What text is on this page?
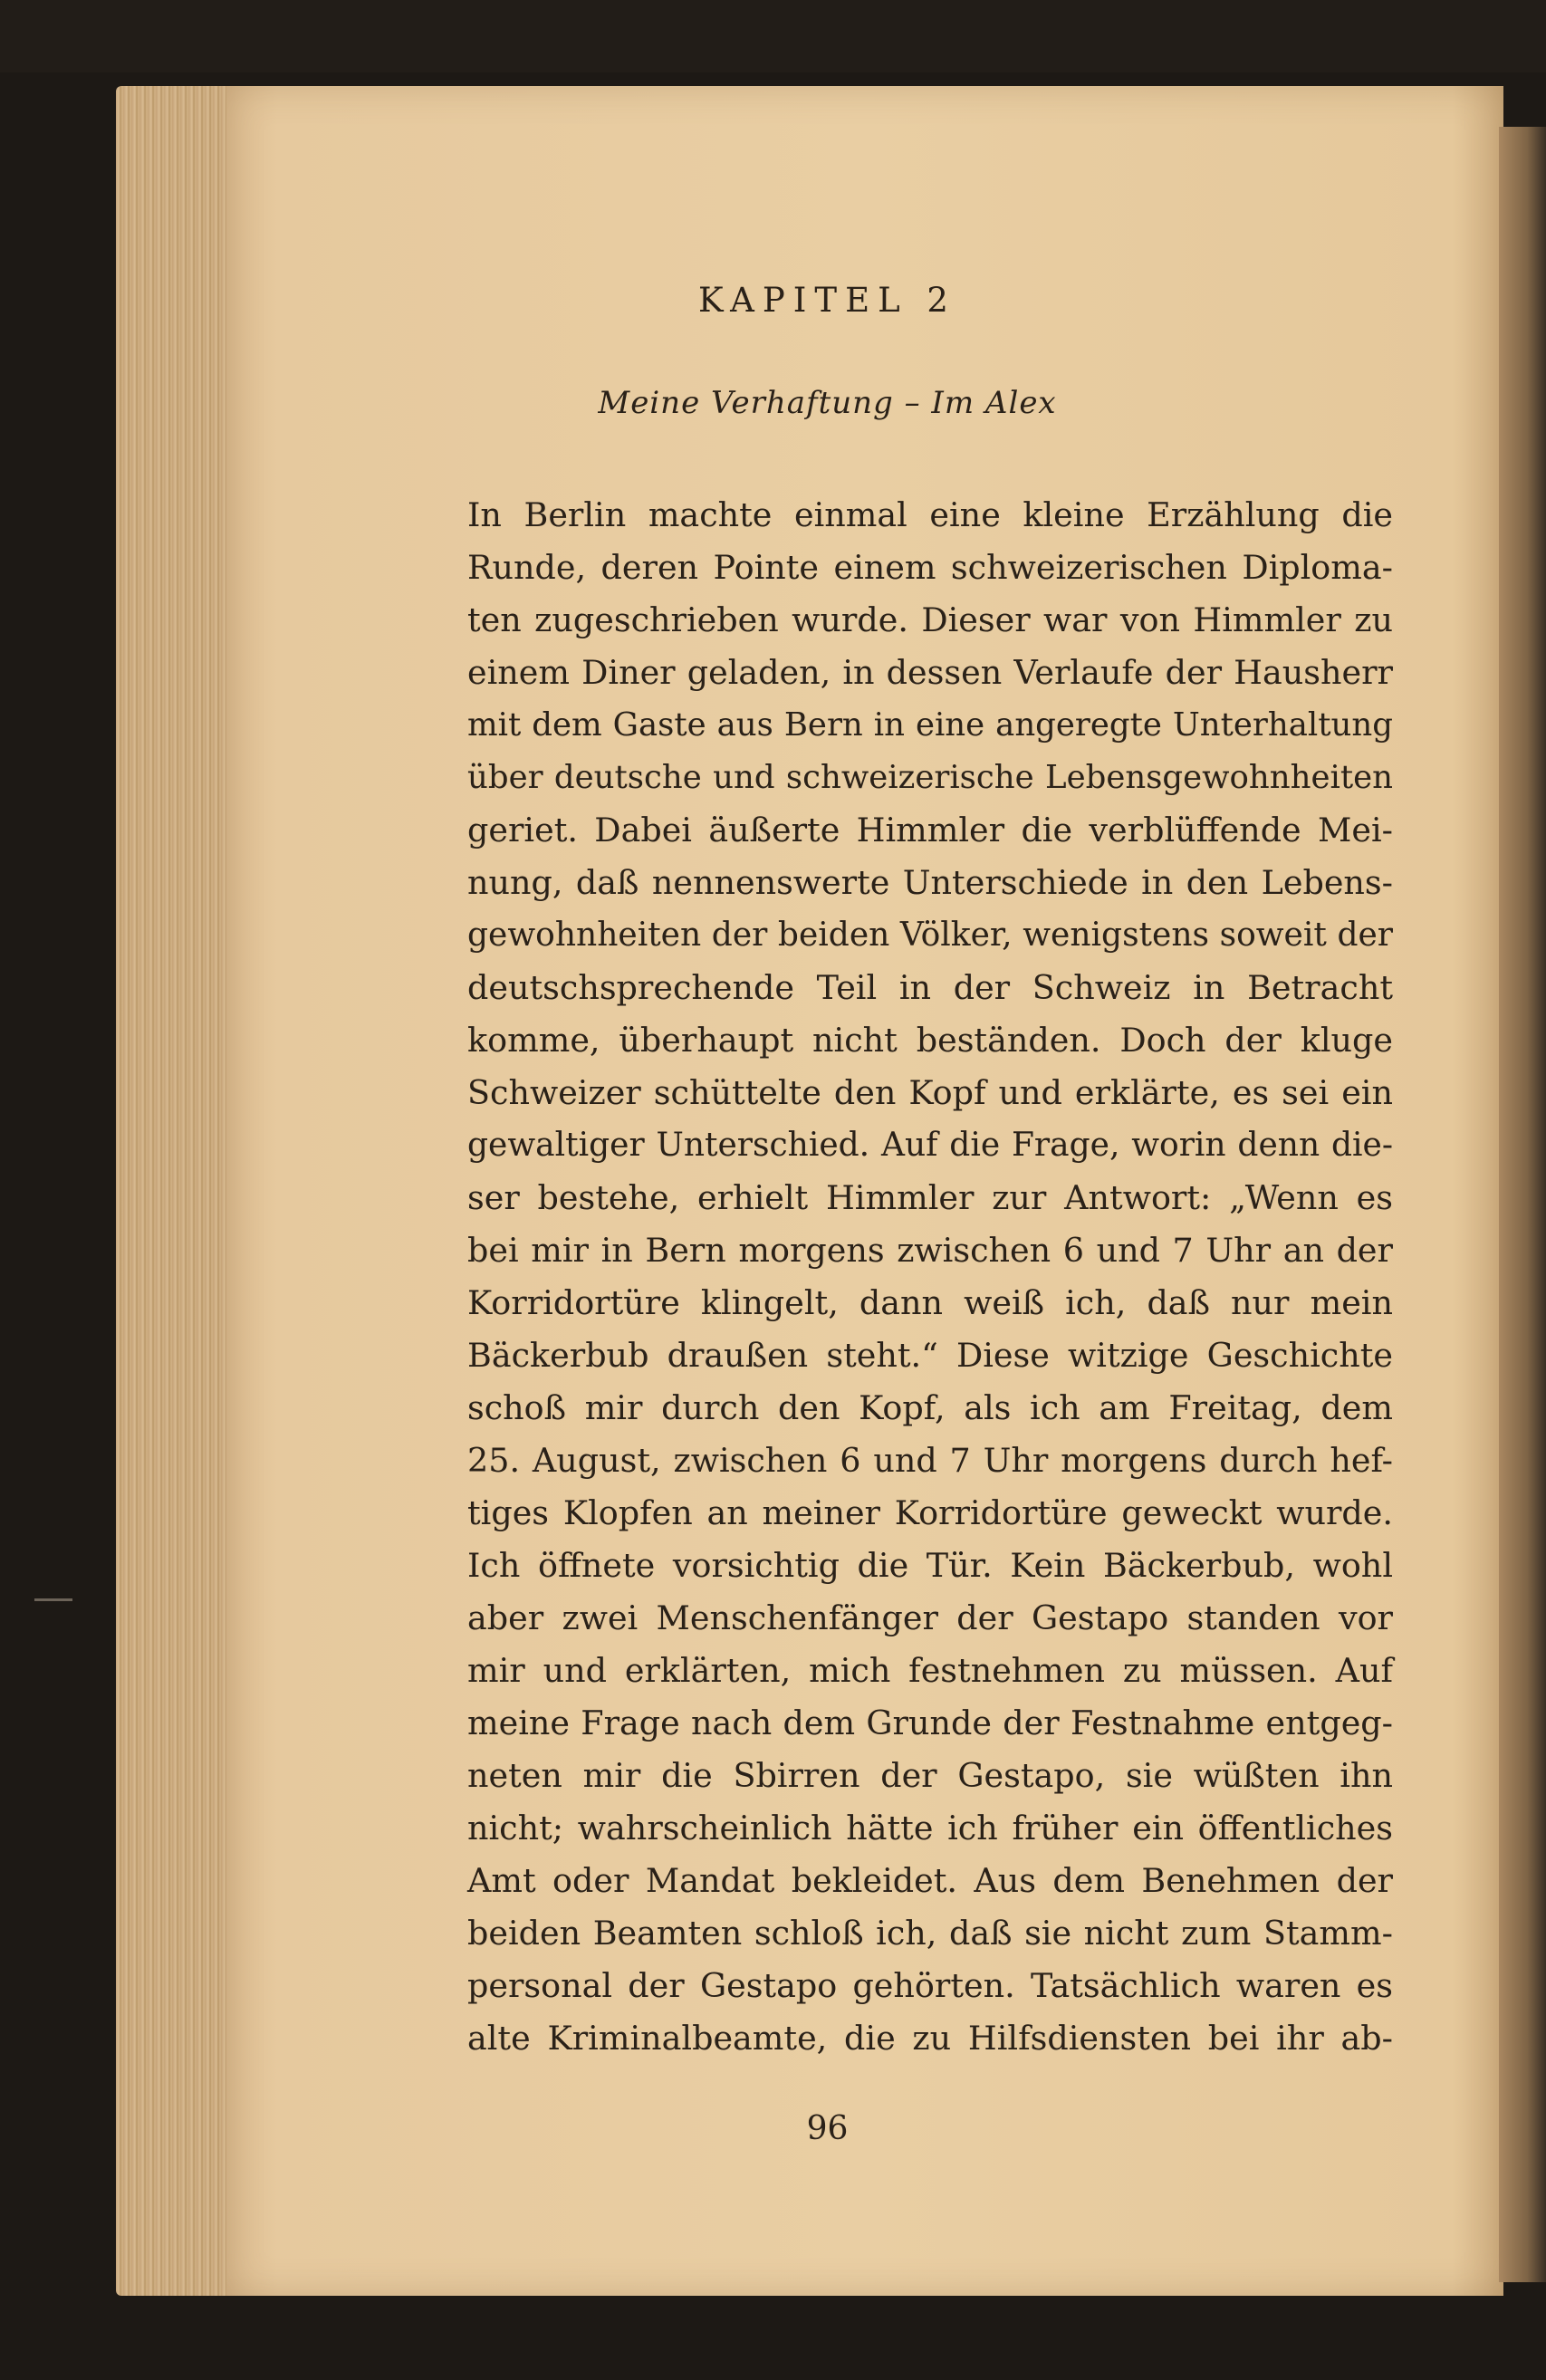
KAPITEL 2
Meine Verhaftung – Im Alex
In Berlin machte einmal eine kleine Erzählung die
Runde, deren Pointe einem schweizerischen Diploma-
ten zugeschrieben wurde. Dieser war von Himmler zu
einem Diner geladen, in dessen Verlaufe der Hausherr
mit dem Gaste aus Bern in eine angeregte Unterhaltung
über deutsche und schweizerische Lebensgewohnheiten
geriet. Dabei äußerte Himmler die verblüffende Mei-
nung, daß nennenswerte Unterschiede in den Lebens-
gewohnheiten der beiden Völker, wenigstens soweit der
deutschsprechende Teil in der Schweiz in Betracht
komme, überhaupt nicht beständen. Doch der kluge
Schweizer schüttelte den Kopf und erklärte, es sei ein
gewaltiger Unterschied. Auf die Frage, worin denn die-
ser bestehe, erhielt Himmler zur Antwort: „Wenn es
bei mir in Bern morgens zwischen 6 und 7 Uhr an der
Korridortüre klingelt, dann weiß ich, daß nur mein
Bäckerbub draußen steht.“ Diese witzige Geschichte
schoß mir durch den Kopf, als ich am Freitag, dem
25. August, zwischen 6 und 7 Uhr morgens durch hef-
tiges Klopfen an meiner Korridortüre geweckt wurde.
Ich öffnete vorsichtig die Tür. Kein Bäckerbub, wohl
aber zwei Menschenfänger der Gestapo standen vor
mir und erklärten, mich festnehmen zu müssen. Auf
meine Frage nach dem Grunde der Festnahme entgeg-
neten mir die Sbirren der Gestapo, sie wüßten ihn
nicht; wahrscheinlich hätte ich früher ein öffentliches
Amt oder Mandat bekleidet. Aus dem Benehmen der
beiden Beamten schloß ich, daß sie nicht zum Stamm-
personal der Gestapo gehörten. Tatsächlich waren es
alte Kriminalbeamte, die zu Hilfsdiensten bei ihr ab-
96
